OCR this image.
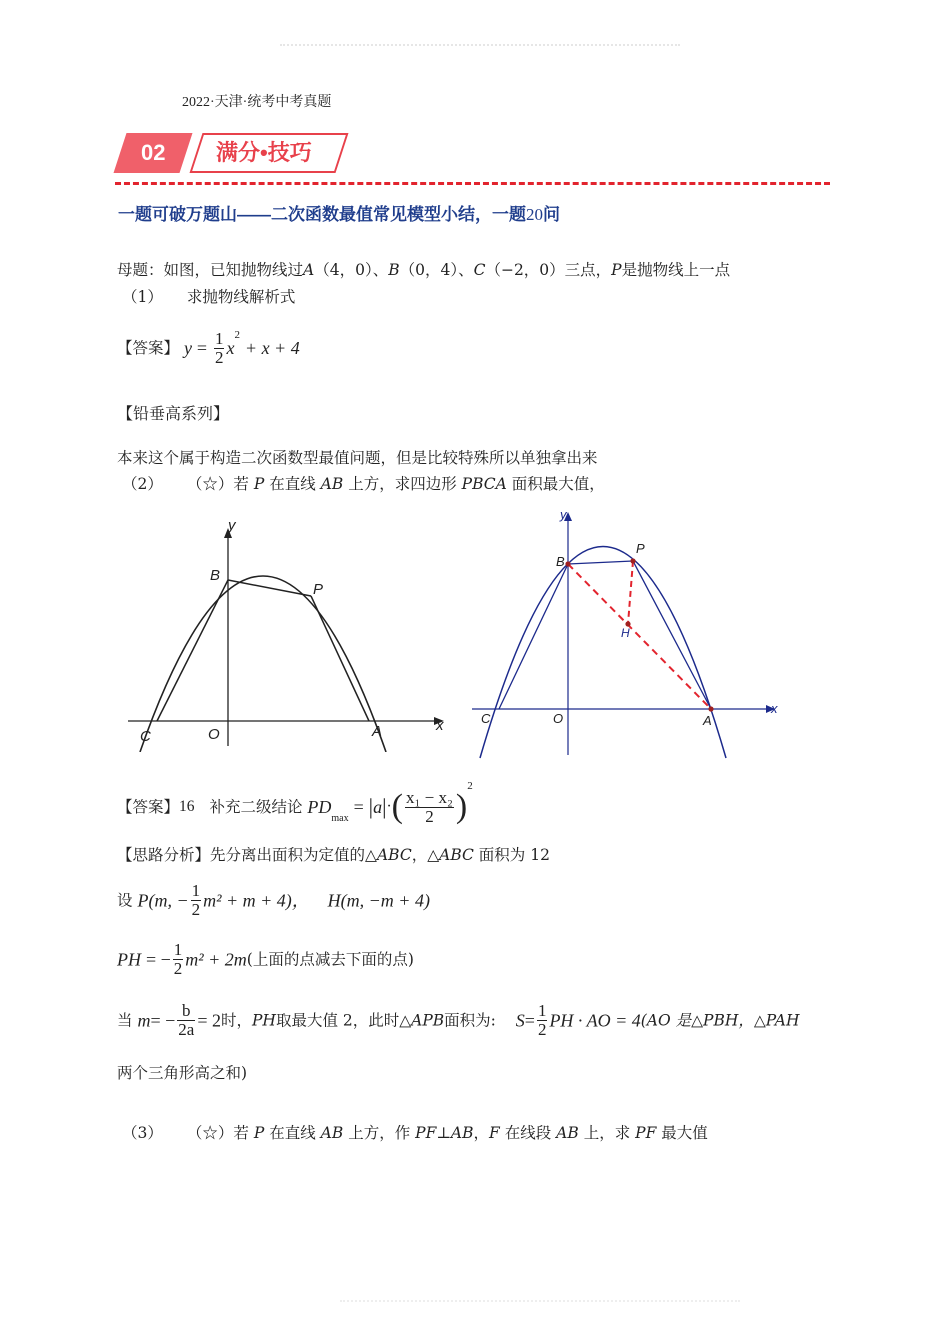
2022·天津·统考中考真题
02	满分•技巧
一题可破万题山——二次函数最值常见模型小结，一题20问
母题：如图，已知抛物线过A（4，0）、B（0，4）、C（−2，0）三点，P是抛物线上一点
（1） 求抛物线解析式
【答案】 $y = \frac{1}{2} x^2 + x + 4$
【铅垂高系列】
本来这个属于构造二次函数型最值问题，但是比较特殊所以单独拿出来
（2） （☆）若 P 在直线 AB 上方，求四边形 PBCA 面积最大值，
y
x
B
P
C	O	A
y
x
B
P
H
C	O	A
【答案】16 补充二级结论 $PD_{max} = |a|\cdot( \frac{\text{x₁ − x₂}}{2} )^2$
【思路分析】先分离出面积为定值的△ABC，△ABC 面积为 12
设 P(m, − $\frac{1}{2} m^2 + m + 4$)， H(m, −m + 4)
PH = − $\frac{1}{2} m^2 + 2m$(上面的点减去下面的点)
当 $m= - \frac{b}{2a} = 2$时，PH取最大值 2，此时△APB面积为: $S= \frac{1}{2}$ PH · AO = 4(AO 是△PBH，△PAH
两个三角形高之和)
（3） （☆）若 P 在直线 AB 上方，作 PF⊥AB，F 在线段 AB 上，求 PF 最大值
